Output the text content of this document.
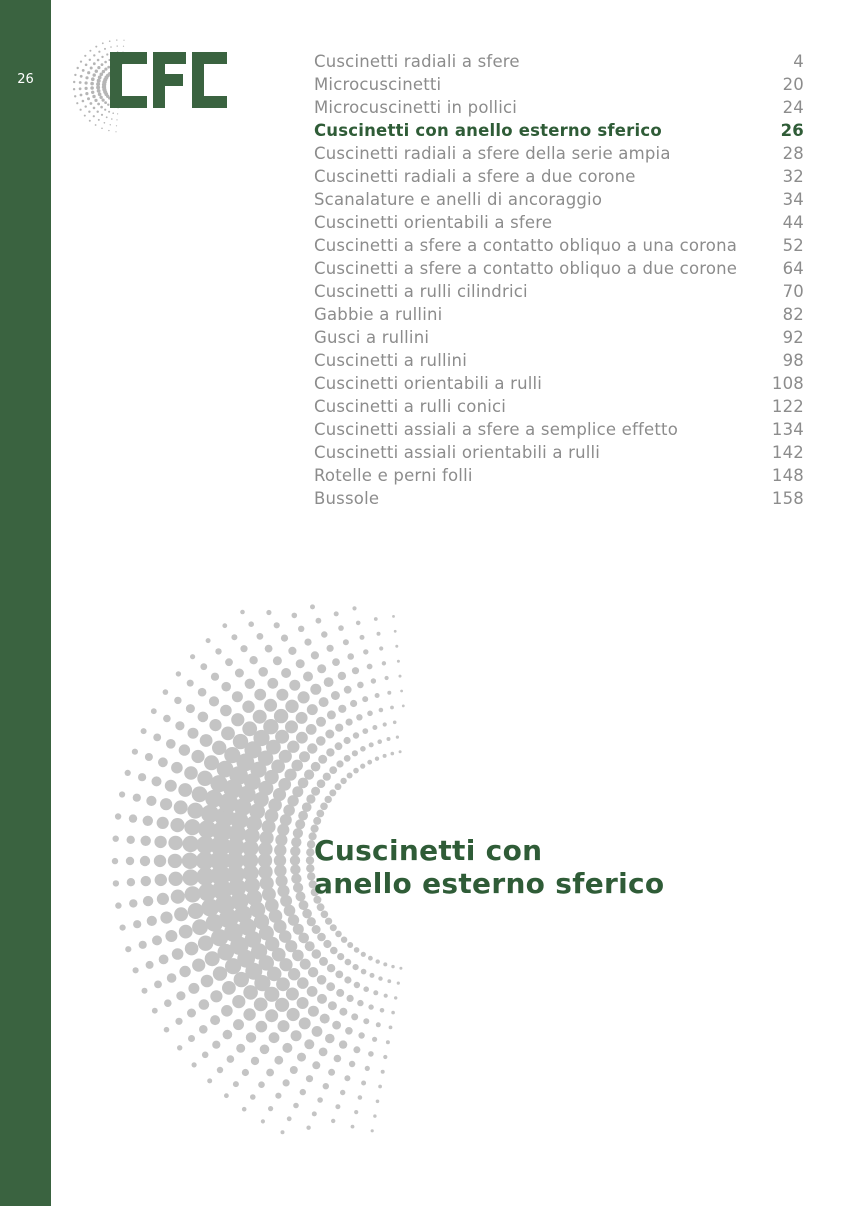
26
Cuscinetti radiali a sfere	4
Microcuscinetti	20
Microcuscinetti in pollici	24
Cuscinetti con anello esterno sferico	26
Cuscinetti radiali a sfere della serie ampia	28
Cuscinetti radiali a sfere a due corone	32
Scanalature e anelli di ancoraggio	34
Cuscinetti orientabili a sfere	44
Cuscinetti a sfere a contatto obliquo a una corona	52
Cuscinetti a sfere a contatto obliquo a due corone	64
Cuscinetti a rulli cilindrici	70
Gabbie a rullini	82
Gusci a rullini	92
Cuscinetti a rullini	98
Cuscinetti orientabili a rulli	108
Cuscinetti a rulli conici	122
Cuscinetti assiali a sfere a semplice effetto	134
Cuscinetti assiali orientabili a rulli	142
Rotelle e perni folli	148
Bussole	158
Cuscinetti con
anello esterno sferico
